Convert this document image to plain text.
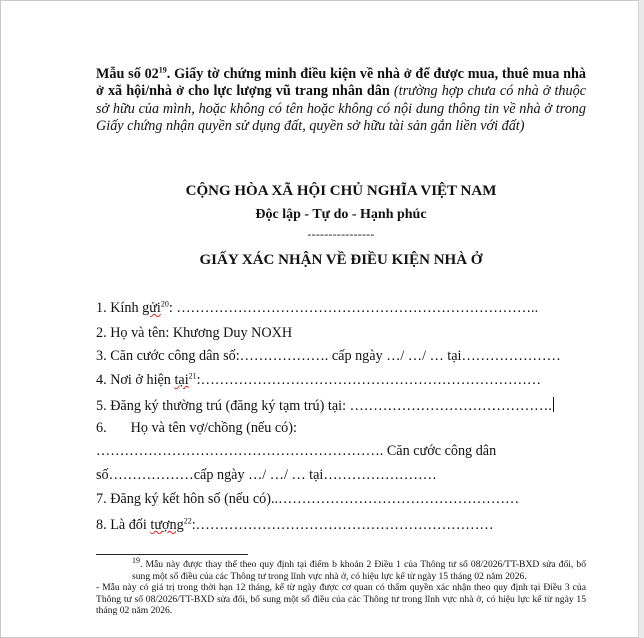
Mẫu số $02^{19}$. Giấy tờ chứng minh điều kiện về nhà ở để được mua, thuê mua nhà ở xã hội/nhà ở cho lực lượng vũ trang nhân dân (trường hợp chưa có nhà ở thuộc sở hữu của mình, hoặc không có tên hoặc không có nội dung thông tin về nhà ở trong Giấy chứng nhận quyền sử dụng đất, quyền sở hữu tài sản gắn liền với đất)
CỘNG HÒA XÃ HỘI CHỦ NGHĨA VIỆT NAM
Độc lập - Tự do - Hạnh phúc
----------------
GIẤY XÁC NHẬN VỀ ĐIỀU KIỆN NHÀ Ở
1. Kính gửi$^{20}$: …………………………………………………………………..
2. Họ và tên: Khương Duy NOXH
3. Căn cước công dân số:………………. cấp ngày …/ …/ … tại…………………
4. Nơi ở hiện tại$^{21}$:………………………………………………………………
5. Đăng ký thường trú (đăng ký tạm trú) tại: …………………………………….
6. Họ và tên vợ/chồng (nếu có):
……………………………………………………. Căn cước công dân
số………………cấp ngày …/ …/ … tại……………………
7. Đăng ký kết hôn số (nếu có)..……………………………………………
8. Là đối tượng$^{22}$:………………………………………………………

$^{19}$. Mẫu này được thay thế theo quy định tại điểm b khoản 2 Điều 1 của Thông tư số 08/2026/TT-BXD sửa đổi, bổ sung một số điều của các Thông tư trong lĩnh vực nhà ở, có hiệu lực kể từ ngày 15 tháng 02 năm 2026.

- Mẫu này có giá trị trong thời hạn 12 tháng, kể từ ngày được cơ quan có thẩm quyền xác nhận theo quy định tại Điều 3 của Thông tư số 08/2026/TT-BXD sửa đổi, bổ sung một số điều của các Thông tư trong lĩnh vực nhà ở, có hiệu lực kể từ ngày 15 tháng 02 năm 2026.
